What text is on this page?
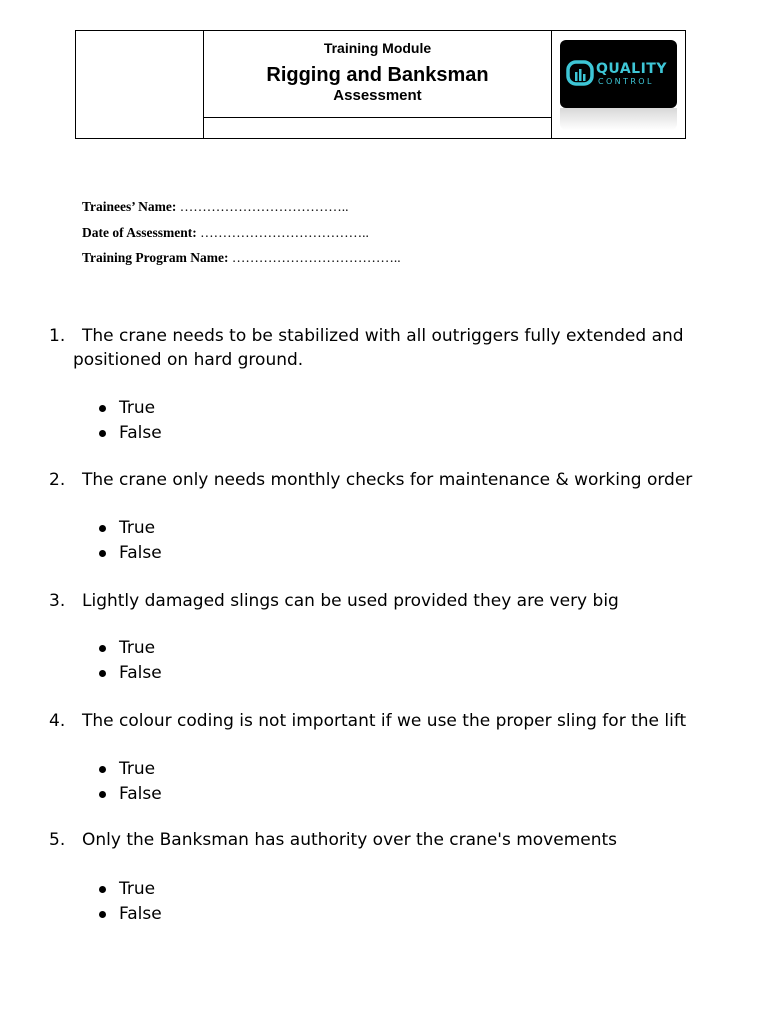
Training Module
Rigging and Banksman
Assessment
QUALITY
CONTROL
Trainees’ Name: ………………………………..
Date of Assessment: ………………………………..
Training Program Name: ………………………………..
1. The crane needs to be stabilized with all outriggers fully extended and
positioned on hard ground.
True
False
2. The crane only needs monthly checks for maintenance & working order
True
False
3. Lightly damaged slings can be used provided they are very big
True
False
4. The colour coding is not important if we use the proper sling for the lift
True
False
5. Only the Banksman has authority over the crane's movements
True
False
